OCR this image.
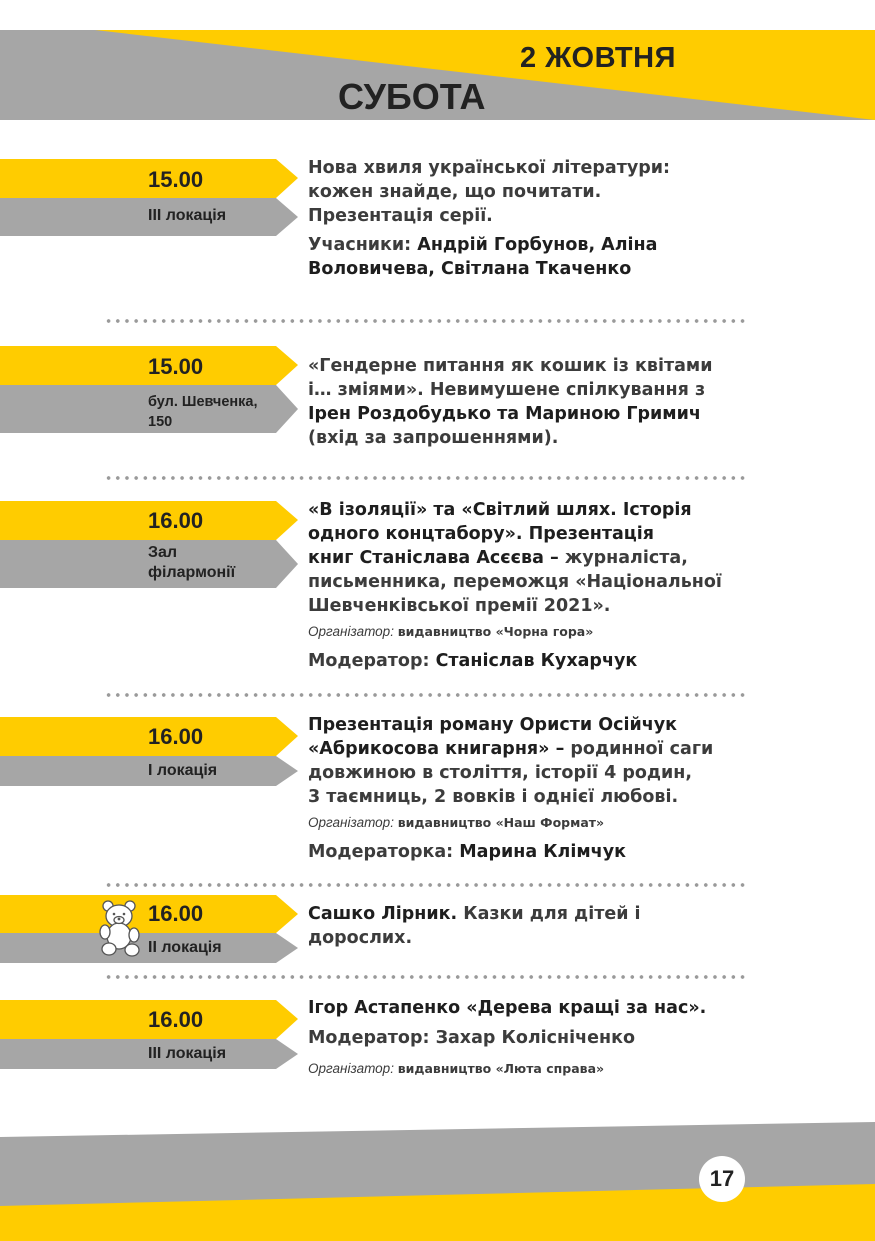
2 ЖОВТНЯ
СУБОТА
15.00
ІІІ локація
Нова хвиля української літератури:
кожен знайде, що почитати.
Презентація серії.
Учасники: Андрій Горбунов, Аліна
Воловичева, Світлана Ткаченко
15.00
бул. Шевченка,
150
«Гендерне питання як кошик із квітами
і… зміями». Невимушене спілкування з
Ірен Роздобудько та Мариною Гримич
(вхід за запрошеннями).
16.00
Зал
філармонії
«В ізоляції» та «Світлий шлях. Історія
одного концтабору». Презентація
книг Станіслава Асєєва – журналіста,
письменника, переможця «Національної
Шевченківської премії 2021».
Організатор: видавництво «Чорна гора»
Модератор: Станіслав Кухарчук
16.00
І локація
Презентація роману Ористи Осійчук
«Абрикосова книгарня» – родинної саги
довжиною в століття, історії 4 родин,
3 таємниць, 2 вовків і однієї любові.
Організатор: видавництво «Наш Формат»
Модераторка: Марина Клімчук
16.00
ІІ локація
Сашко Лірник. Казки для дітей і
дорослих.
16.00
ІІІ локація
Ігор Астапенко «Дерева кращі за нас».
Модератор: Захар Колісніченко
Організатор: видавництво «Люта справа»
17
